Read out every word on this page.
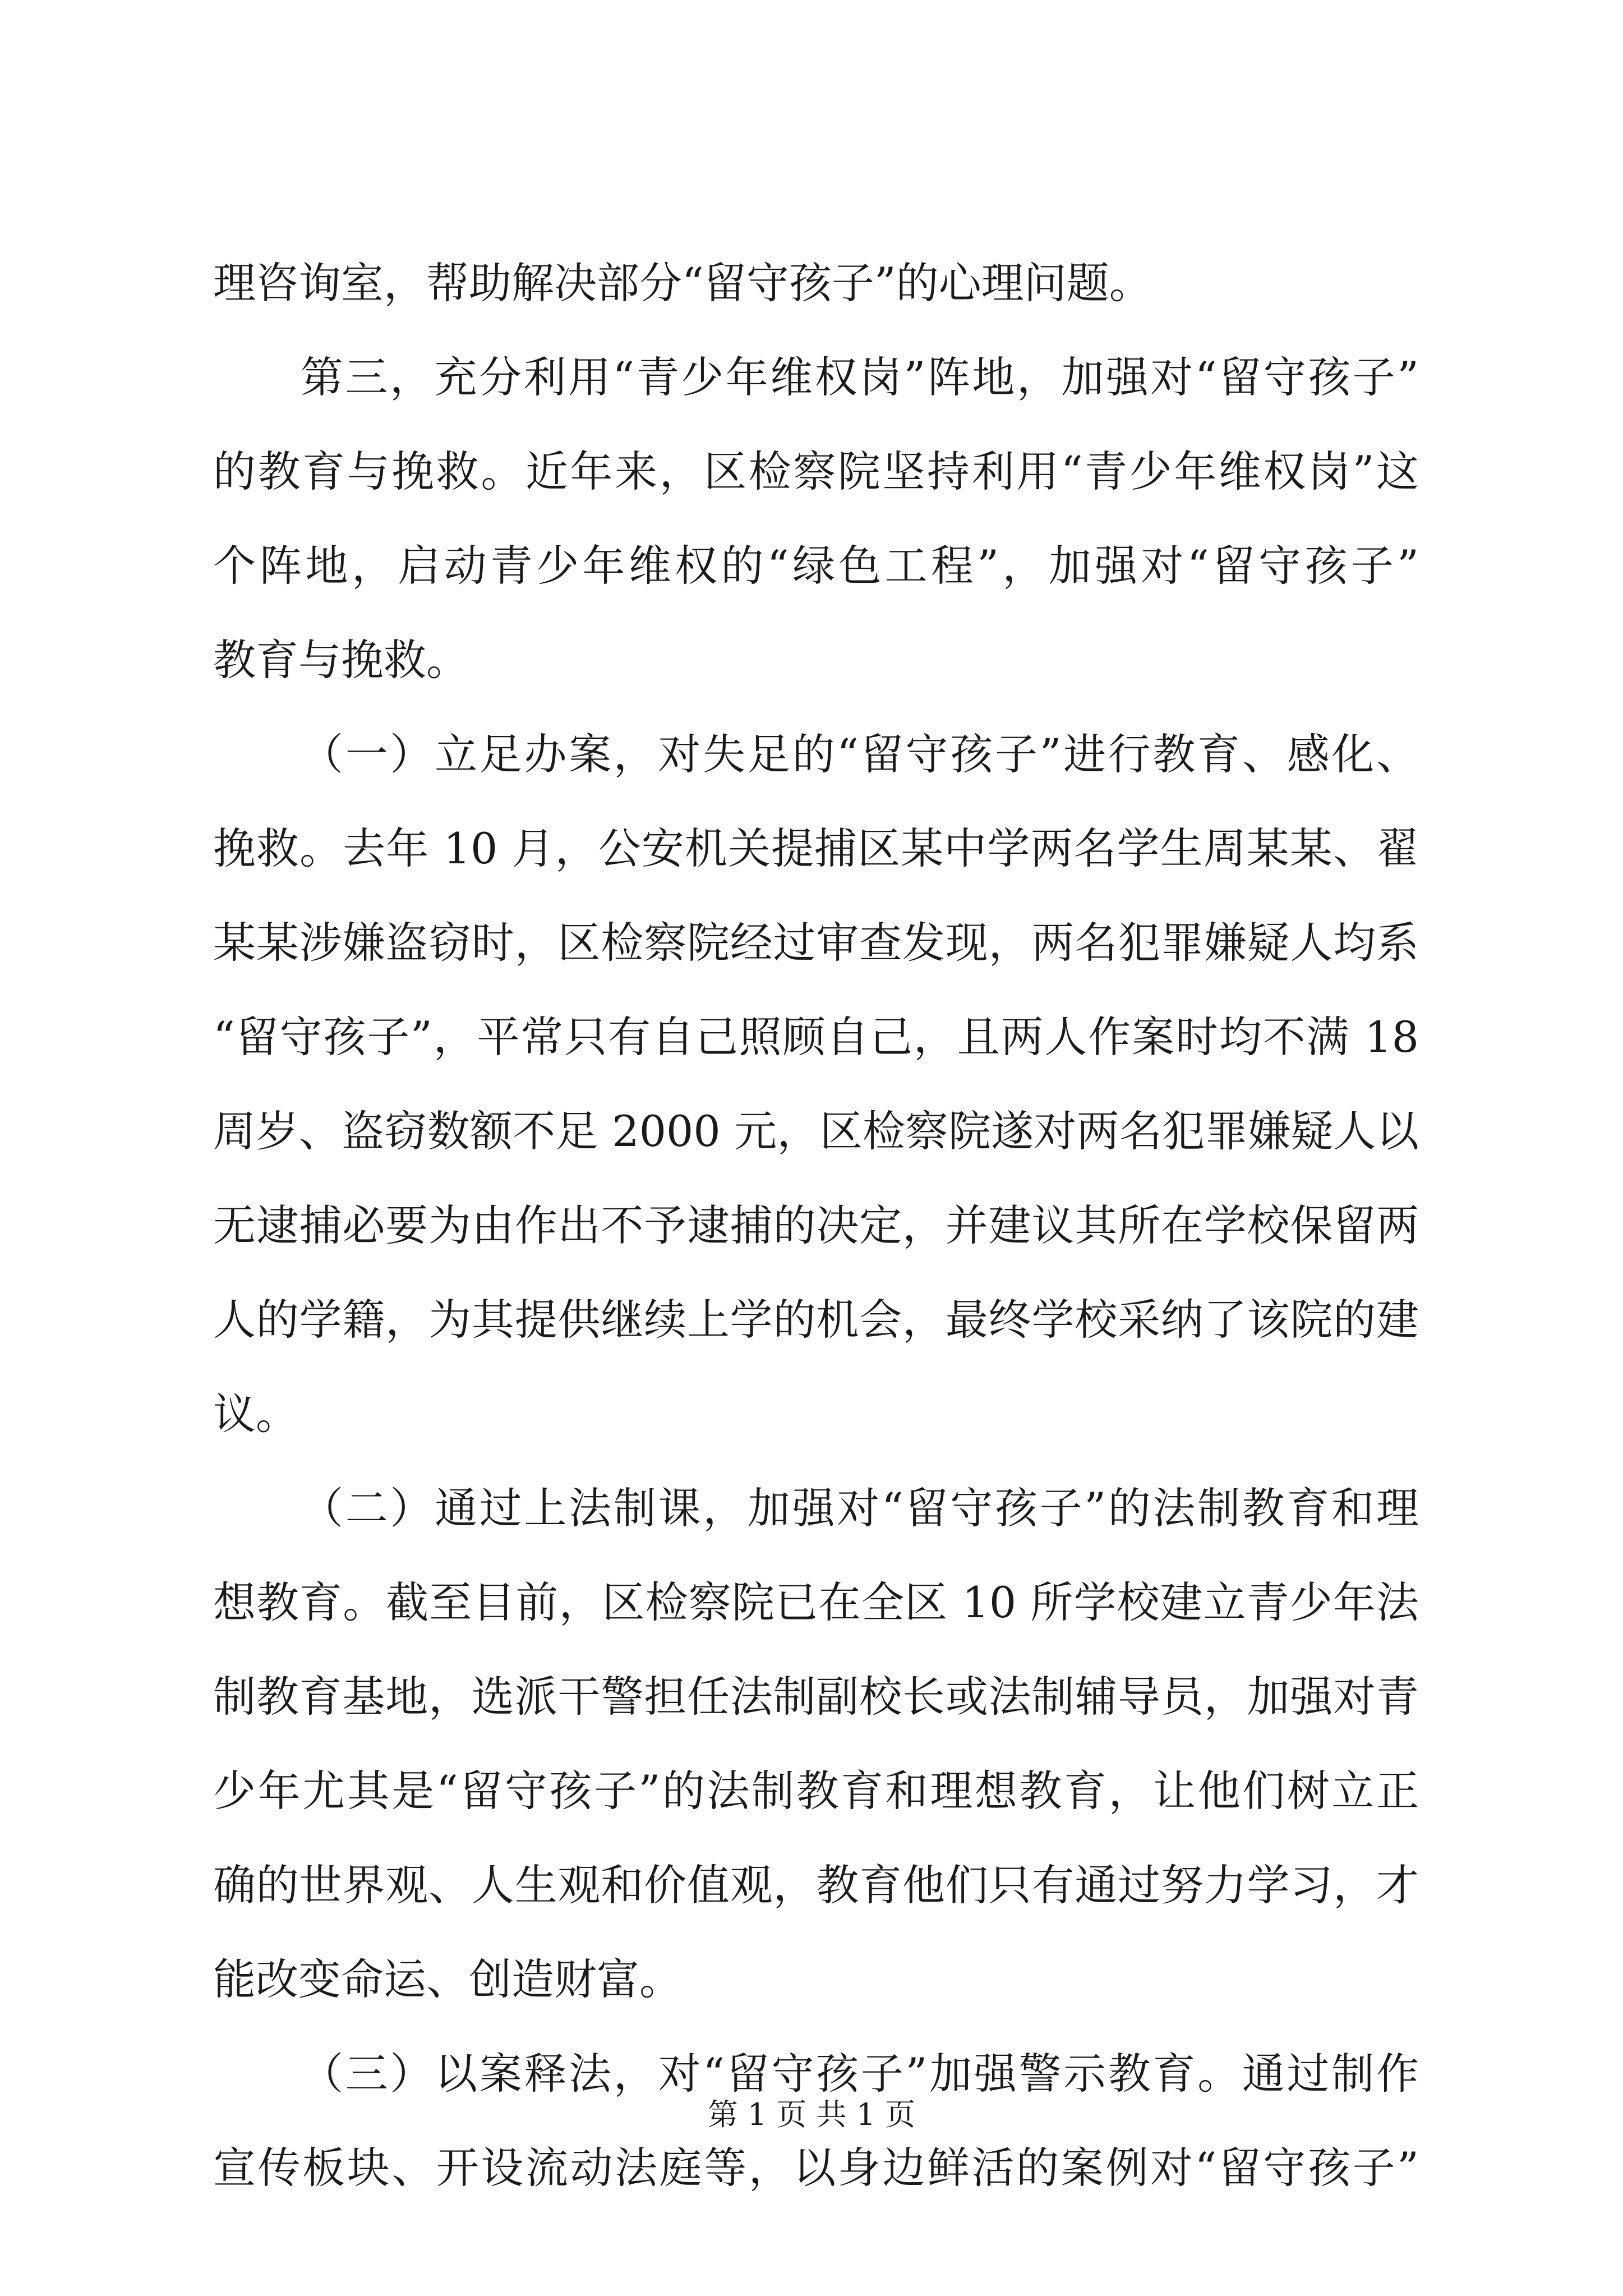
理咨询室，帮助解决部分“留守孩子”的心理问题。
第三，充分利用“青少年维权岗”阵地，加强对“留守孩子”
的教育与挽救。近年来，区检察院坚持利用“青少年维权岗”这
个阵地，启动青少年维权的“绿色工程”，加强对“留守孩子”
教育与挽救。
（一）立足办案，对失足的“留守孩子”进行教育、感化、
挽救。去年 10 月，公安机关提捕区某中学两名学生周某某、翟
某某涉嫌盗窃时，区检察院经过审查发现，两名犯罪嫌疑人均系
“留守孩子”，平常只有自己照顾自己，且两人作案时均不满 18
周岁、盗窃数额不足 2000 元，区检察院遂对两名犯罪嫌疑人以
无逮捕必要为由作出不予逮捕的决定，并建议其所在学校保留两
人的学籍，为其提供继续上学的机会，最终学校采纳了该院的建
议。
（二）通过上法制课，加强对“留守孩子”的法制教育和理
想教育。截至目前，区检察院已在全区 10 所学校建立青少年法
制教育基地，选派干警担任法制副校长或法制辅导员，加强对青
少年尤其是“留守孩子”的法制教育和理想教育，让他们树立正
确的世界观、人生观和价值观，教育他们只有通过努力学习，才
能改变命运、创造财富。
（三）以案释法，对“留守孩子”加强警示教育。通过制作
宣传板块、开设流动法庭等，以身边鲜活的案例对“留守孩子”
第 1 页 共 1 页
